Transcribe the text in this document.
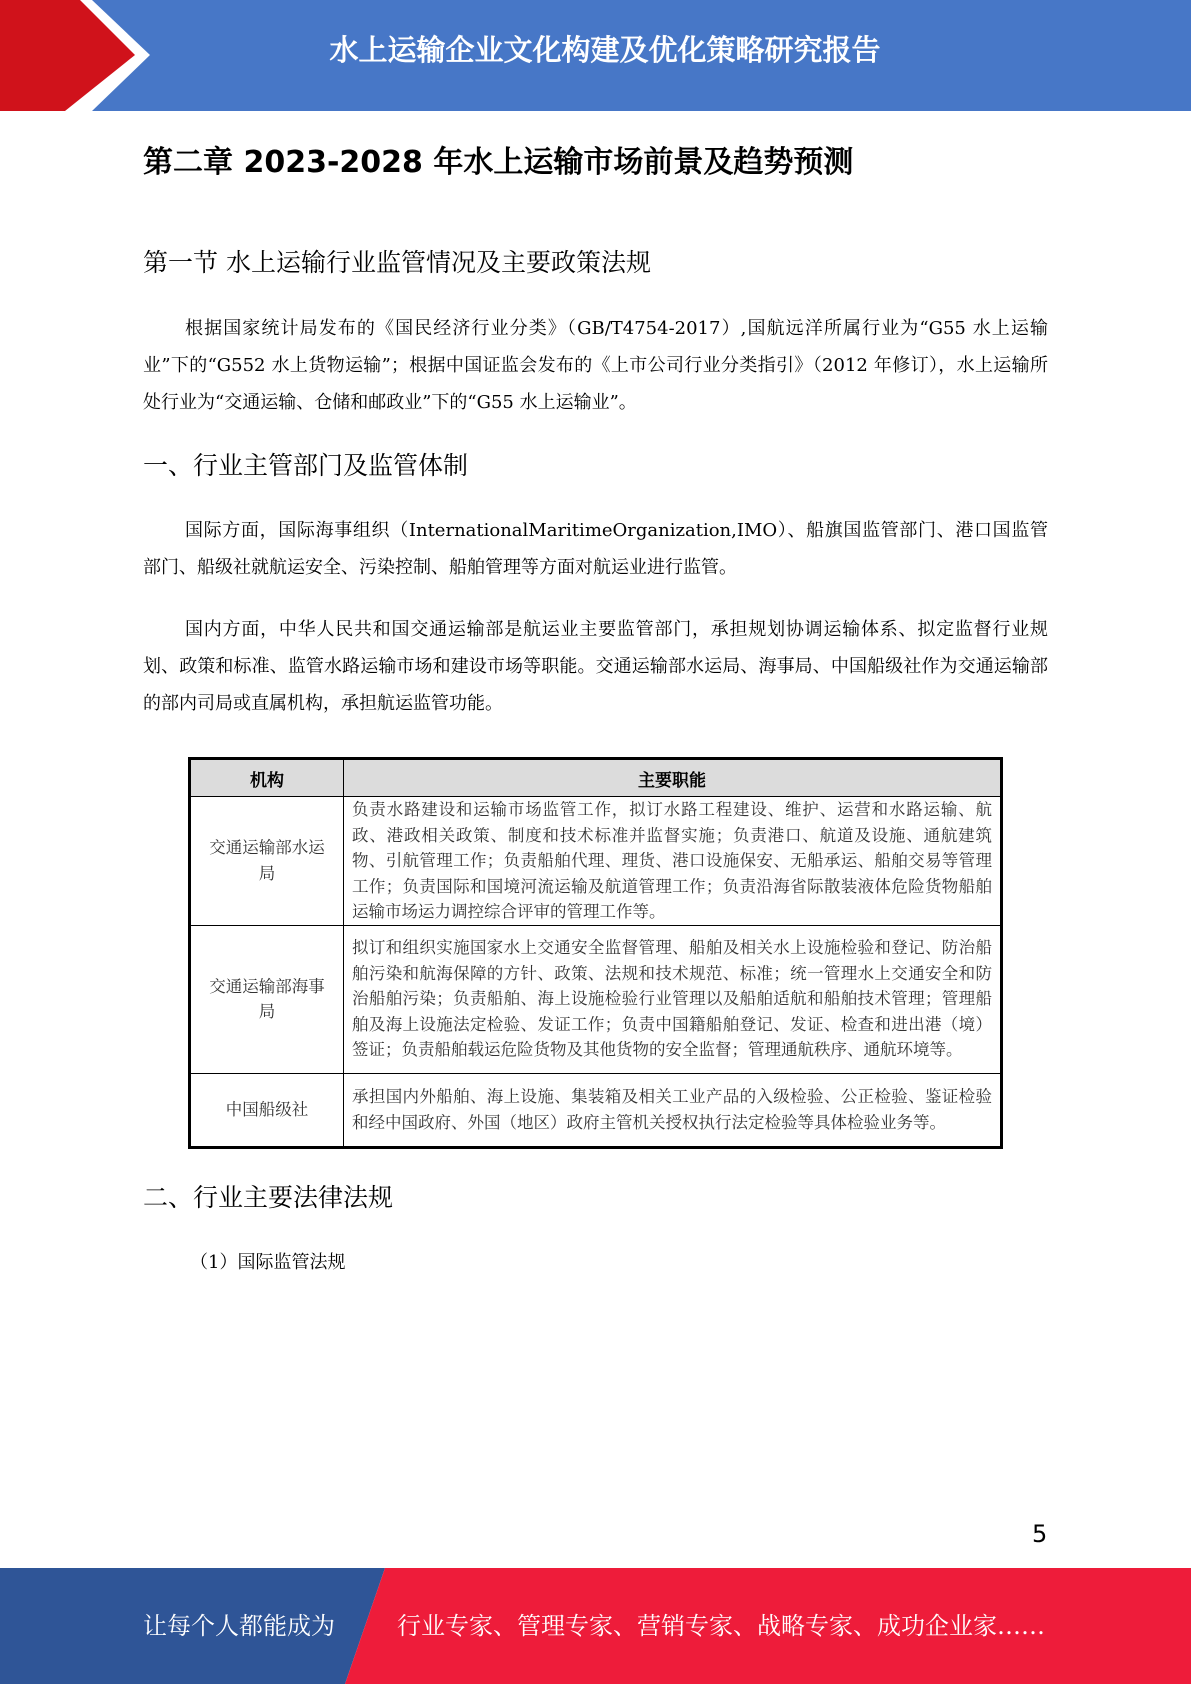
水上运输企业文化构建及优化策略研究报告
第二章 2023-2028 年水上运输市场前景及趋势预测
第一节 水上运输行业监管情况及主要政策法规

根据国家统计局发布的《国民经济行业分类》（GB/T4754-2017）,国航远洋所属行业为“G55 水上运输业”下的“G552 水上货物运输”；根据中国证监会发布的《上市公司行业分类指引》（2012 年修订），水上运输所处行业为“交通运输、仓储和邮政业”下的“G55 水上运输业”。

一、行业主管部门及监管体制

国际方面，国际海事组织（InternationalMaritimeOrganization,IMO）、船旗国监管部门、港口国监管部门、船级社就航运安全、污染控制、船舶管理等方面对航运业进行监管。

国内方面，中华人民共和国交通运输部是航运业主要监管部门，承担规划协调运输体系、拟定监督行业规划、政策和标准、监管水路运输市场和建设市场等职能。交通运输部水运局、海事局、中国船级社作为交通运输部的部内司局或直属机构，承担航运监管功能。

机构	主要职能
交通运输部水运局	负责水路建设和运输市场监管工作，拟订水路工程建设、维护、运营和水路运输、航政、港政相关政策、制度和技术标准并监督实施；负责港口、航道及设施、通航建筑物、引航管理工作；负责船舶代理、理货、港口设施保安、无船承运、船舶交易等管理工作；负责国际和国境河流运输及航道管理工作；负责沿海省际散装液体危险货物船舶运输市场运力调控综合评审的管理工作等。
交通运输部海事局	拟订和组织实施国家水上交通安全监督管理、船舶及相关水上设施检验和登记、防治船舶污染和航海保障的方针、政策、法规和技术规范、标准；统一管理水上交通安全和防治船舶污染；负责船舶、海上设施检验行业管理以及船舶适航和船舶技术管理；管理船舶及海上设施法定检验、发证工作；负责中国籍船舶登记、发证、检查和进出港（境）签证；负责船舶载运危险货物及其他货物的安全监督；管理通航秩序、通航环境等。
中国船级社	承担国内外船舶、海上设施、集装箱及相关工业产品的入级检验、公正检验、鉴证检验和经中国政府、外国（地区）政府主管机关授权执行法定检验等具体检验业务等。
二、行业主要法律法规
（1）国际监管法规
5
让每个人都能成为	行业专家、管理专家、营销专家、战略专家、成功企业家……
